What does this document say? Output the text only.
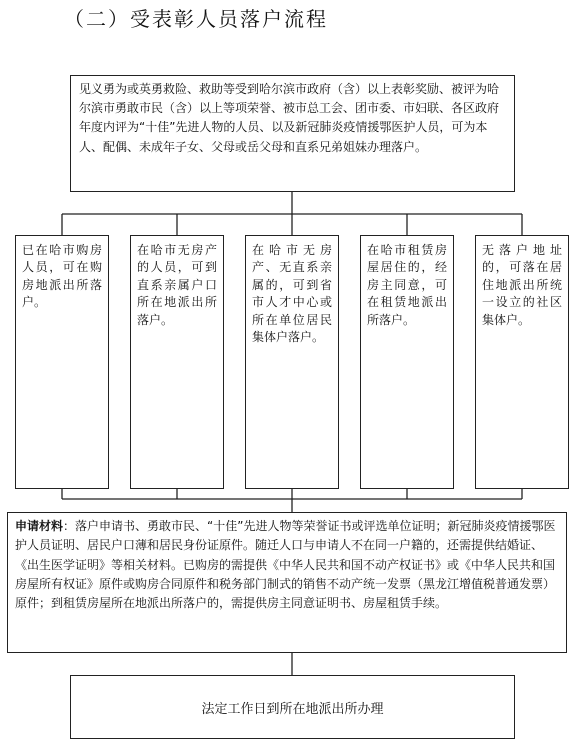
（二）受表彰人员落户流程
见义勇为或英勇救险、救助等受到哈尔滨市政府（含）以上表彰奖励、被评为哈尔滨市勇敢市民（含）以上等项荣誉、被市总工会、团市委、市妇联、各区政府年度内评为“十佳”先进人物的人员、以及新冠肺炎疫情援鄂医护人员，可为本人、配偶、未成年子女、父母或岳父母和直系兄弟姐妹办理落户。
已在哈市购房人员，可在购房地派出所落户。
在哈市无房产的人员，可到直系亲属户口所在地派出所落户。
在哈市无房产、无直系亲属的，可到省市人才中心或所在单位居民集体户落户。
在哈市租赁房屋居住的，经房主同意，可在租赁地派出所落户。
无落户地址的，可落在居住地派出所统一设立的社区集体户。
申请材料：落户申请书、勇敢市民、“十佳”先进人物等荣誉证书或评选单位证明；新冠肺炎疫情援鄂医护人员证明、居民户口薄和居民身份证原件。随迁人口与申请人不在同一户籍的，还需提供结婚证、《出生医学证明》等相关材料。已购房的需提供《中华人民共和国不动产权证书》或《中华人民共和国房屋所有权证》原件或购房合同原件和税务部门制式的销售不动产统一发票（黑龙江增值税普通发票）原件；到租赁房屋所在地派出所落户的，需提供房主同意证明书、房屋租赁手续。
法定工作日到所在地派出所办理
